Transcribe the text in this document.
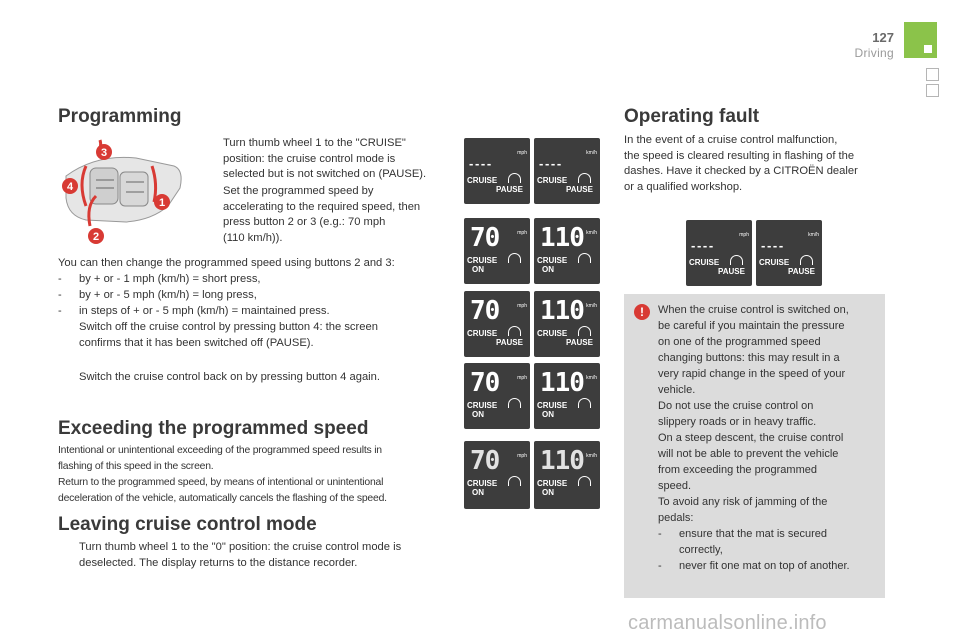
127
Driving
Programming
1
2
3
4
Turn thumb wheel 1 to the "CRUISE"
position: the cruise control mode is
selected but is not switched on (PAUSE).
Set the programmed speed by
accelerating to the required speed, then
press button 2 or 3 (e.g.: 70 mph
(110 km/h)).
You can then change the programmed speed using buttons 2 and 3:
-	by + or - 1 mph (km/h) = short press,
-	by + or - 5 mph (km/h) = long press,
-	in steps of + or - 5 mph (km/h) = maintained press.
Switch off the cruise control by pressing button 4: the screen
confirms that it has been switched off (PAUSE).
Switch the cruise control back on by pressing button 4 again.
Exceeding the programmed speed
Intentional or unintentional exceeding of the programmed speed results in
flashing of this speed in the screen.
Return to the programmed speed, by means of intentional or unintentional
deceleration of the vehicle, automatically cancels the flashing of the speed.
Leaving cruise control mode
Turn thumb wheel 1 to the "0" position: the cruise control mode is
deselected. The display returns to the distance recorder.
- - - -
mph
CRUISE
PAUSE
- - - -
km/h
CRUISE
PAUSE
70	mph
CRUISE
ON
110 km/h
CRUISE
ON
70	mph
CRUISE
PAUSE
110 km/h
CRUISE
PAUSE
70	mph
CRUISE
ON
110 km/h
CRUISE
ON
70	mph
CRUISE
ON
110 km/h
CRUISE
ON
Operating fault
In the event of a cruise control malfunction,
the speed is cleared resulting in flashing of the
dashes. Have it checked by a CITROËN dealer
or a qualified workshop.
- - - -
mph
CRUISE
PAUSE
- - - -
km/h
CRUISE
PAUSE
!	When the cruise control is switched on,
be careful if you maintain the pressure
on one of the programmed speed
changing buttons: this may result in a
very rapid change in the speed of your
vehicle.
Do not use the cruise control on
slippery roads or in heavy traffic.
On a steep descent, the cruise control
will not be able to prevent the vehicle
from exceeding the programmed
speed.
To avoid any risk of jamming of the
pedals:
- ensure that the mat is secured
correctly,
-	never fit one mat on top of another.
carmanualsonline.info
